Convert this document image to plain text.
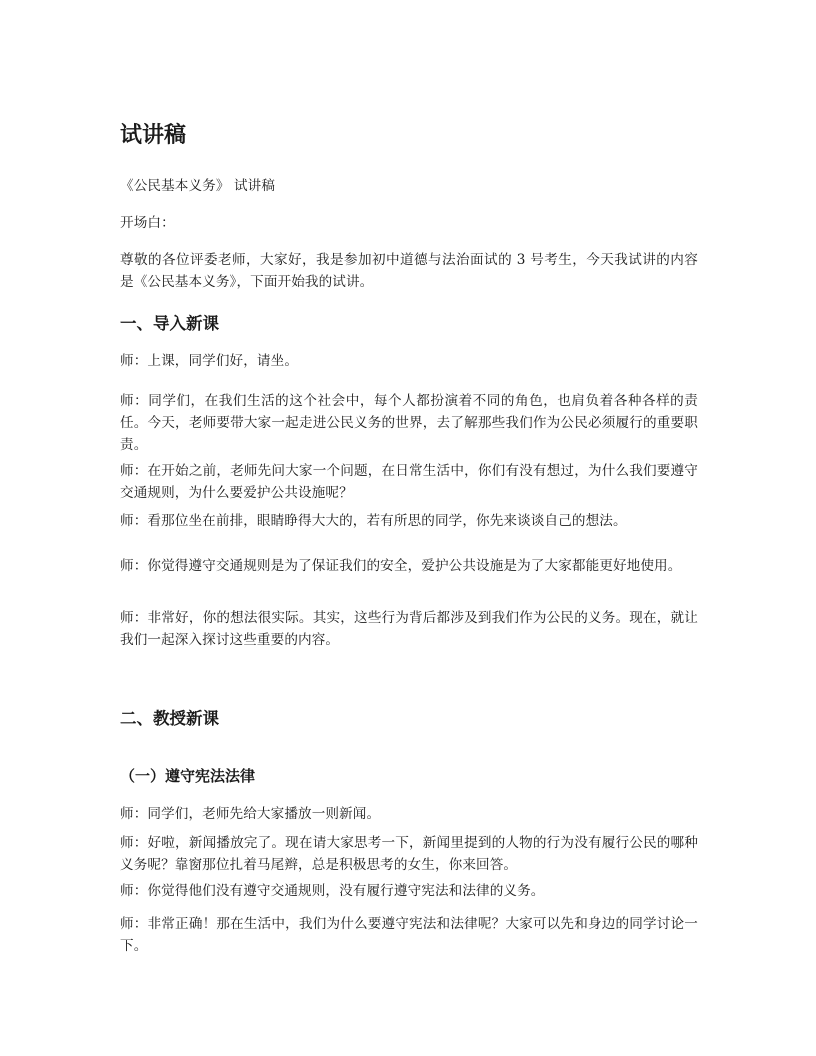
试讲稿

《公民基本义务》 试讲稿

开场白：

尊敬的各位评委老师，大家好，我是参加初中道德与法治面试的 3 号考生，今天我试讲的内容是《公民基本义务》，下面开始我的试讲。

一、导入新课

师：上课，同学们好，请坐。

师：同学们，在我们生活的这个社会中，每个人都扮演着不同的角色，也肩负着各种各样的责任。今天，老师要带大家一起走进公民义务的世界，去了解那些我们作为公民必须履行的重要职责。

师：在开始之前，老师先问大家一个问题，在日常生活中，你们有没有想过，为什么我们要遵守交通规则，为什么要爱护公共设施呢？

师：看那位坐在前排，眼睛睁得大大的，若有所思的同学，你先来谈谈自己的想法。

师：你觉得遵守交通规则是为了保证我们的安全，爱护公共设施是为了大家都能更好地使用。

师：非常好，你的想法很实际。其实，这些行为背后都涉及到我们作为公民的义务。现在，就让我们一起深入探讨这些重要的内容。

二、教授新课
（一）遵守宪法法律

师：同学们，老师先给大家播放一则新闻。

师：好啦，新闻播放完了。现在请大家思考一下，新闻里提到的人物的行为没有履行公民的哪种义务呢？靠窗那位扎着马尾辫，总是积极思考的女生，你来回答。

师：你觉得他们没有遵守交通规则，没有履行遵守宪法和法律的义务。

师：非常正确！那在生活中，我们为什么要遵守宪法和法律呢？大家可以先和身边的同学讨论一下。
